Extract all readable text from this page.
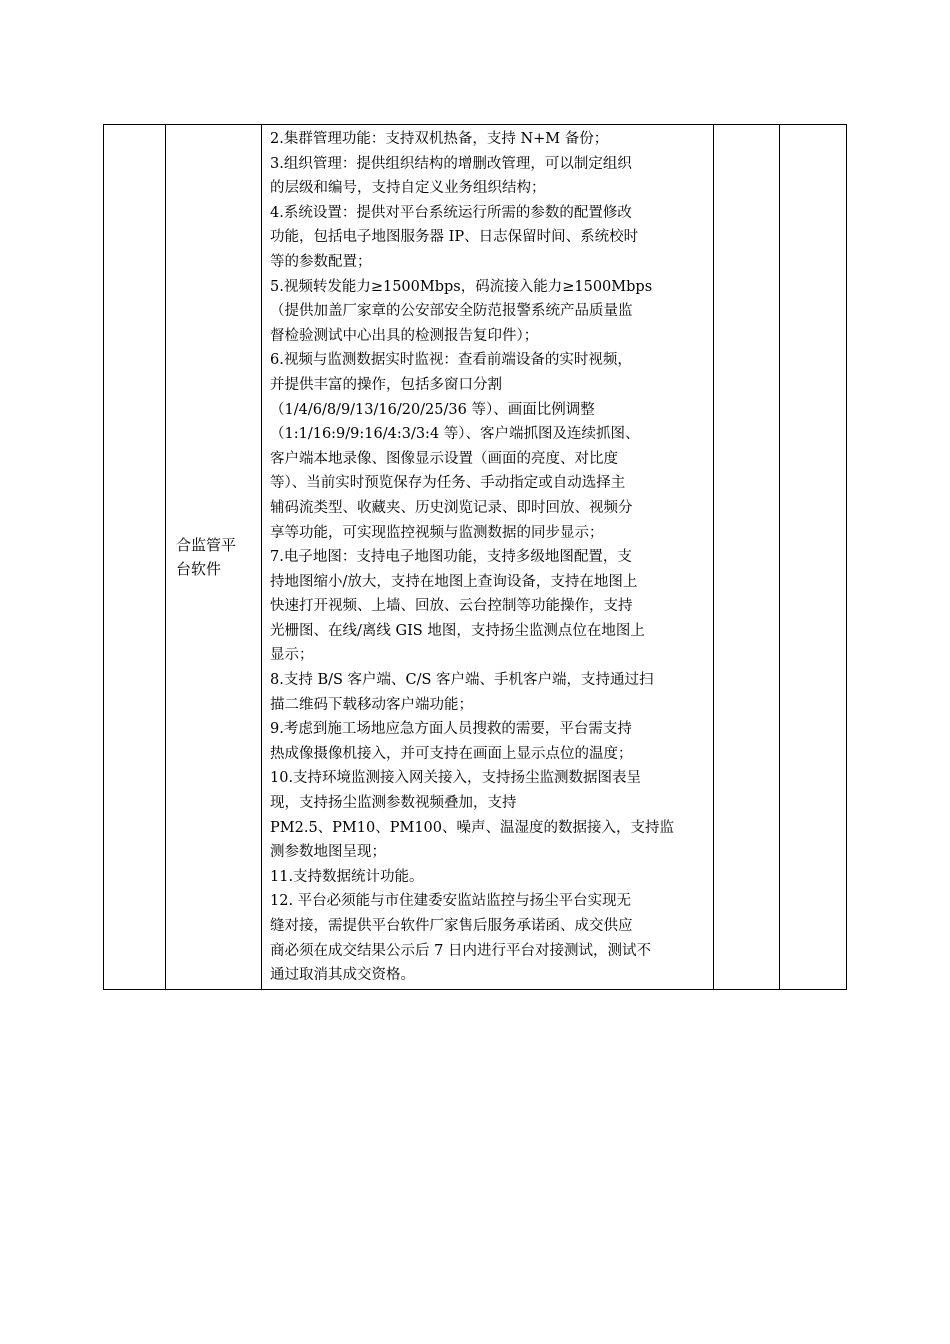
合监管平
台软件

2.集群管理功能：支持双机热备，支持 N+M 备份；
3.组织管理：提供组织结构的增删改管理，可以制定组织
的层级和编号，支持自定义业务组织结构；
4.系统设置：提供对平台系统运行所需的参数的配置修改
功能，包括电子地图服务器 IP、日志保留时间、系统校时
等的参数配置；
5.视频转发能力≥1500Mbps，码流接入能力≥1500Mbps
（提供加盖厂家章的公安部安全防范报警系统产品质量监
督检验测试中心出具的检测报告复印件）；
6.视频与监测数据实时监视：查看前端设备的实时视频，
并提供丰富的操作，包括多窗口分割
（1/4/6/8/9/13/16/20/25/36 等）、画面比例调整
（1:1/16:9/9:16/4:3/3:4 等）、客户端抓图及连续抓图、
客户端本地录像、图像显示设置（画面的亮度、对比度
等）、当前实时预览保存为任务、手动指定或自动选择主
辅码流类型、收藏夹、历史浏览记录、即时回放、视频分
享等功能，可实现监控视频与监测数据的同步显示；
7.电子地图：支持电子地图功能，支持多级地图配置，支
持地图缩小/放大，支持在地图上查询设备，支持在地图上
快速打开视频、上墙、回放、云台控制等功能操作，支持
光栅图、在线/离线 GIS 地图，支持扬尘监测点位在地图上
显示；
8.支持 B/S 客户端、C/S 客户端、手机客户端，支持通过扫
描二维码下载移动客户端功能；
9.考虑到施工场地应急方面人员搜救的需要，平台需支持
热成像摄像机接入，并可支持在画面上显示点位的温度；
10.支持环境监测接入网关接入，支持扬尘监测数据图表呈
现，支持扬尘监测参数视频叠加，支持
PM2.5、PM10、PM100、噪声、温湿度的数据接入，支持监
测参数地图呈现；
11.支持数据统计功能。
12. 平台必须能与市住建委安监站监控与扬尘平台实现无
缝对接，需提供平台软件厂家售后服务承诺函、成交供应
商必须在成交结果公示后 7 日内进行平台对接测试，测试不
通过取消其成交资格。
